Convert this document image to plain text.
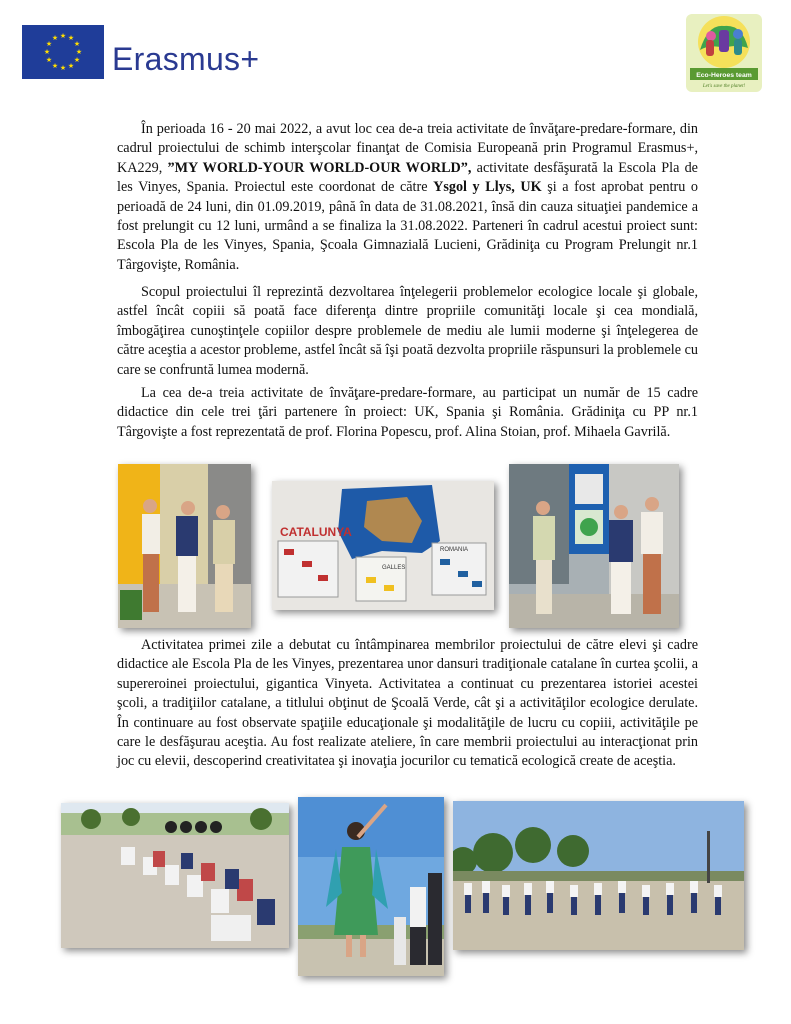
★ ★
★
★
★
★
★
★
★
★
★
★
Erasmus+	Eco-Heroes team
Let's save the planet!

În perioada 16 - 20 mai 2022, a avut loc cea de-a treia activitate de învăţare-predare-formare, din cadrul proiectului de schimb interşcolar finanţat de Comisia Europeană prin Programul Erasmus+, KA229, ”MY WORLD-YOUR WORLD-OUR WORLD”, activitate desfăşurată la Escola Pla de les Vinyes, Spania. Proiectul este coordonat de către Ysgol y Llys, UK şi a fost aprobat pentru o perioadă de 24 luni, din 01.09.2019, până în data de 31.08.2021, însă din cauza situaţiei pandemice a fost prelungit cu 12 luni, urmând a se finaliza la 31.08.2022. Parteneri în cadrul acestui proiect sunt: Escola Pla de les Vinyes, Spania, Şcoala Gimnazială Lucieni, Grădiniţa cu Program Prelungit nr.1 Târgovişte, România.

Scopul proiectului îl reprezintă dezvoltarea înţelegerii problemelor ecologice locale şi globale, astfel încât copiii să poată face diferenţa dintre propriile comunităţi locale şi cea mondială, îmbogăţirea cunoştinţele copiilor despre problemele de mediu ale lumii moderne şi înţelegerea de către aceştia a acestor probleme, astfel încât să îşi poată dezvolta propriile răspunsuri la problemele cu care se confruntă lumea modernă.

La cea de-a treia activitate de învăţare-predare-formare, au participat un număr de 15 cadre didactice din cele trei ţări partenere în proiect: UK, Spania şi România. Grădiniţa cu PP nr.1 Târgovişte a fost reprezentată de prof. Florina Popescu, prof. Alina Stoian, prof. Mihaela Gavrilă.

CATALUNYA
ROMANIA
GALLES

Activitatea primei zile a debutat cu întâmpinarea membrilor proiectului de către elevi şi cadre didactice ale Escola Pla de les Vinyes, prezentarea unor dansuri tradiţionale catalane în curtea şcolii, a supereroinei proiectului, gigantica Vinyeta. Activitatea a continuat cu prezentarea istoriei acestei şcoli, a tradiţiilor catalane, a titlului obţinut de Şcoală Verde, cât şi a activităţilor ecologice derulate. În continuare au fost observate spaţiile educaţionale şi modalităţile de lucru cu copiii, activităţile pe care le desfăşurau aceştia. Au fost realizate ateliere, în care membrii proiectului au interacţionat prin joc cu elevii, descoperind creativitatea şi inovaţia jocurilor cu tematică ecologică create de aceştia.
